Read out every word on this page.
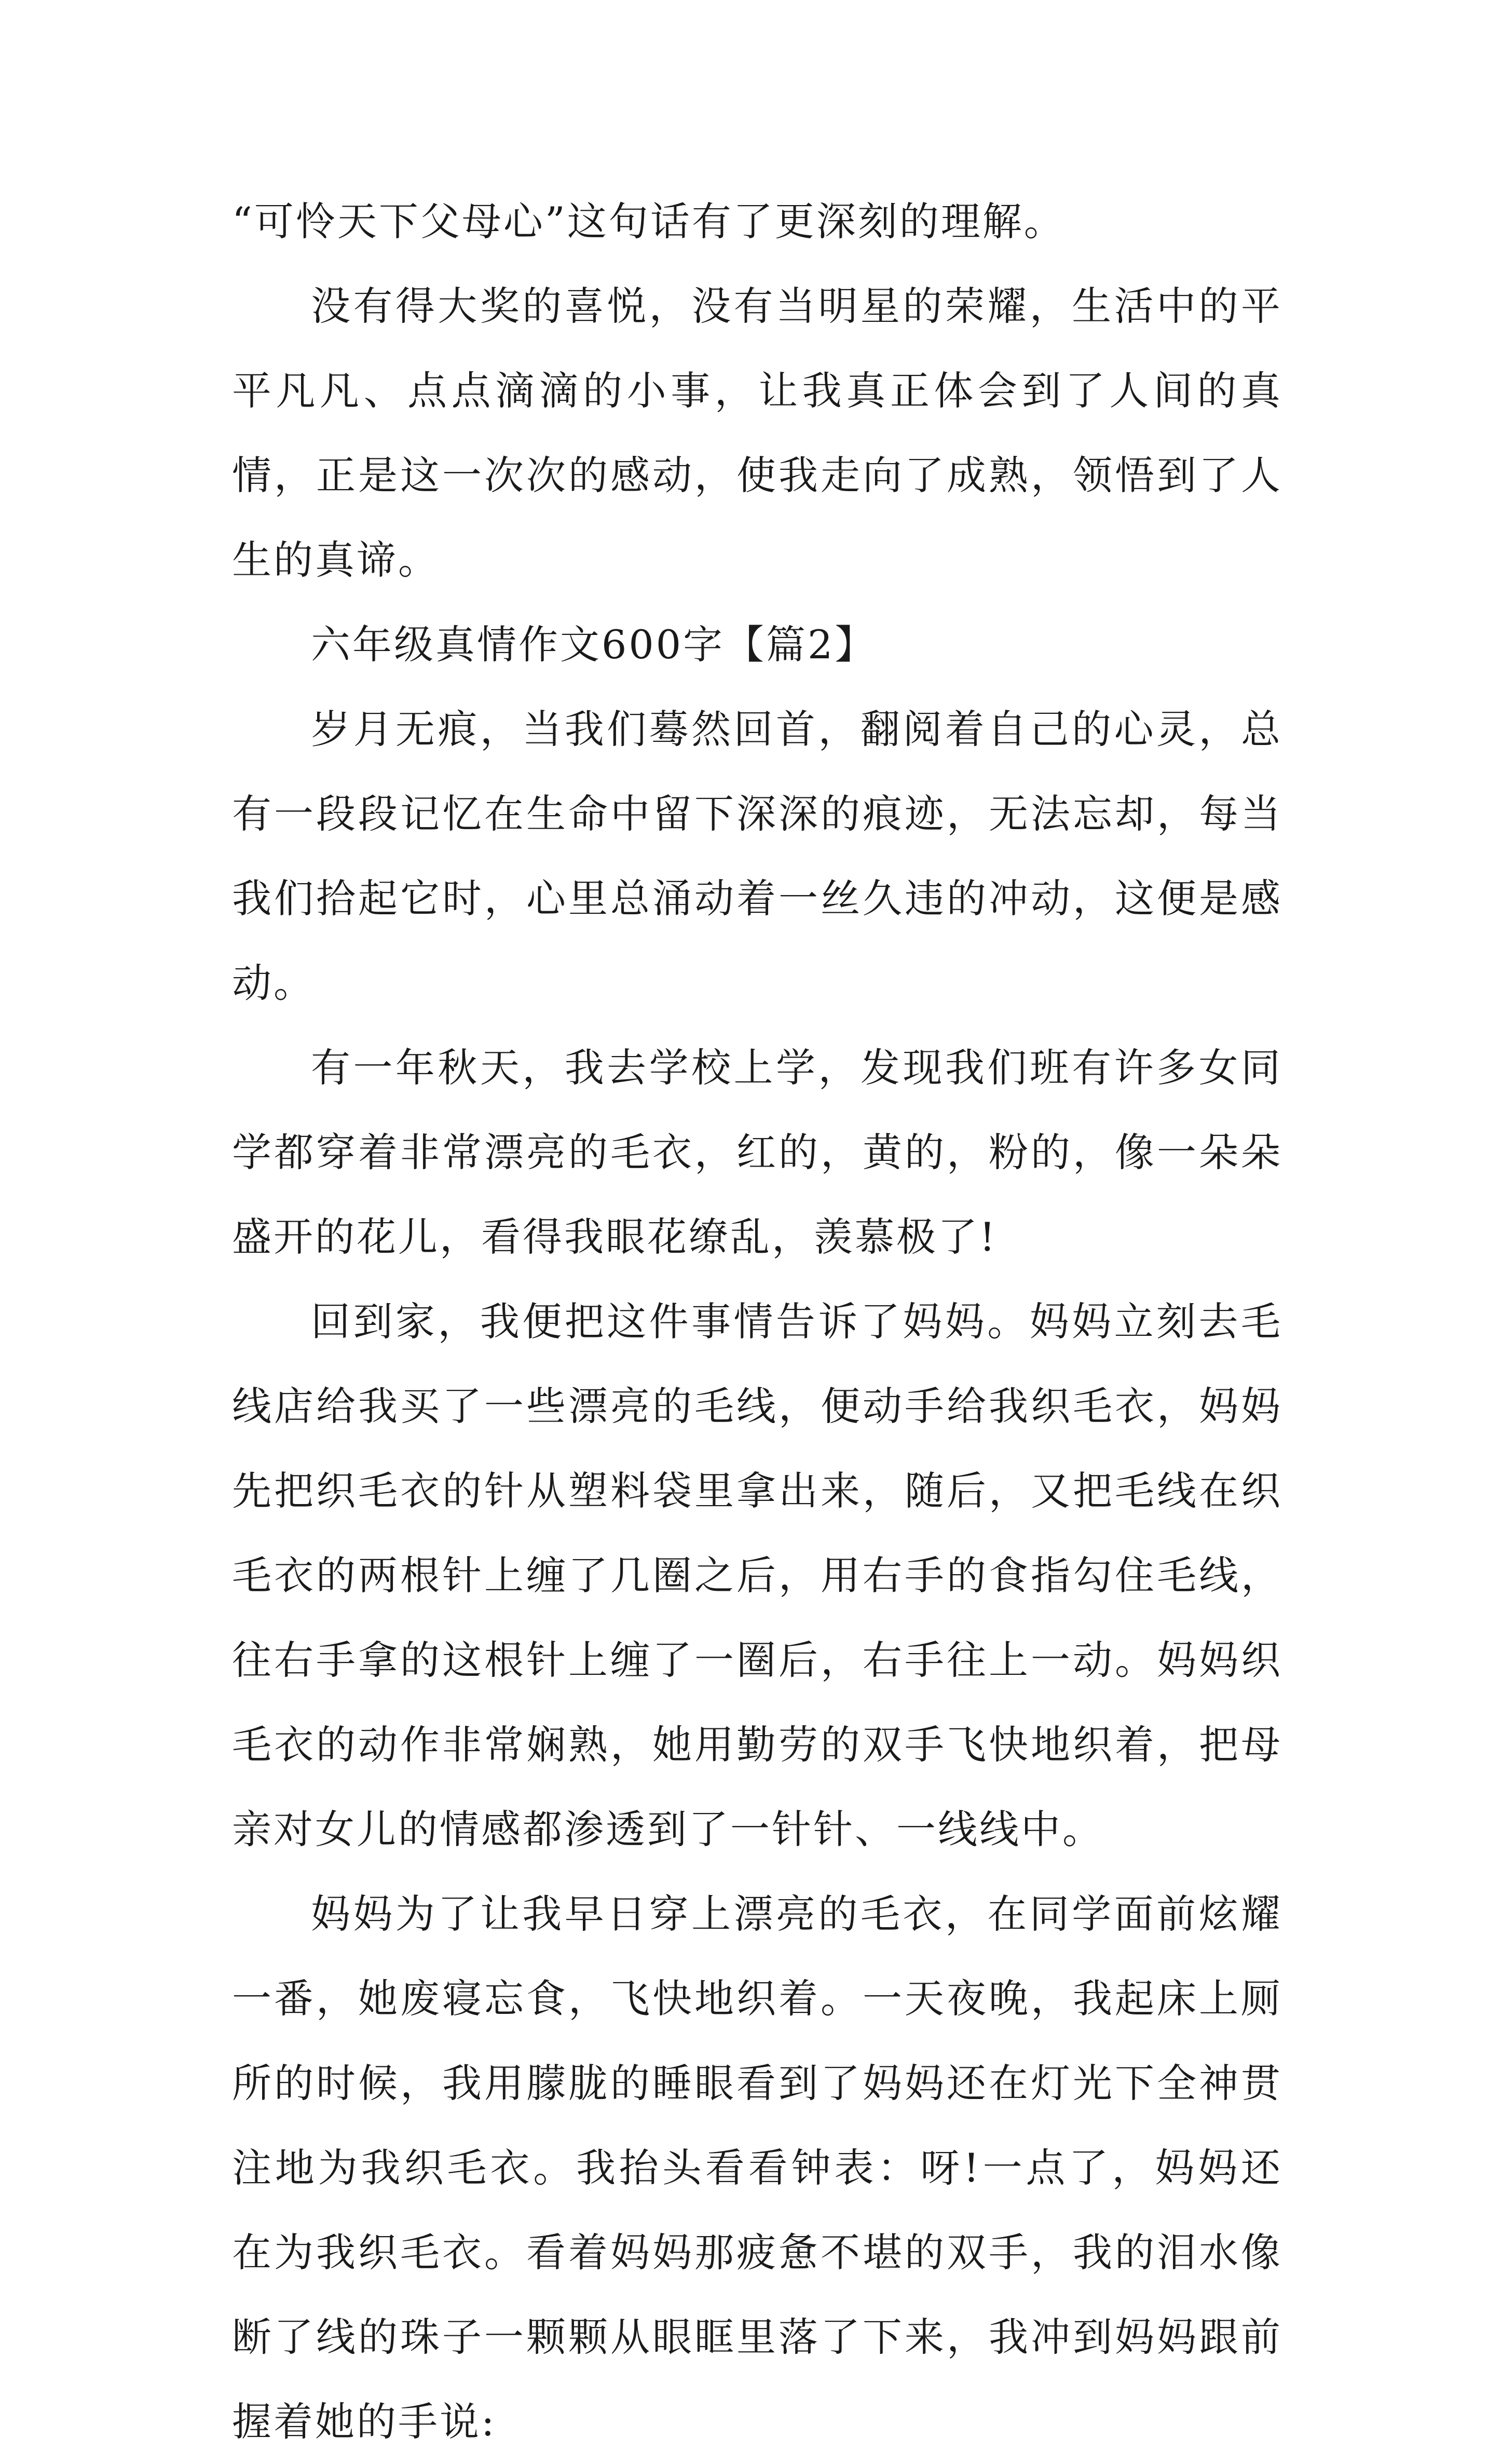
“可怜天下父母心”这句话有了更深刻的理解。

没有得大奖的喜悦，没有当明星的荣耀，生活中的平平凡凡、点点滴滴的小事，让我真正体会到了人间的真情，正是这一次次的感动，使我走向了成熟，领悟到了人生的真谛。

六年级真情作文600字【篇2】

岁月无痕，当我们蓦然回首，翻阅着自己的心灵，总有一段段记忆在生命中留下深深的痕迹，无法忘却，每当我们拾起它时，心里总涌动着一丝久违的冲动，这便是感动。

有一年秋天，我去学校上学，发现我们班有许多女同学都穿着非常漂亮的毛衣，红的，黄的，粉的，像一朵朵盛开的花儿，看得我眼花缭乱，羡慕极了!

回到家，我便把这件事情告诉了妈妈。妈妈立刻去毛线店给我买了一些漂亮的毛线，便动手给我织毛衣，妈妈先把织毛衣的针从塑料袋里拿出来，随后，又把毛线在织毛衣的两根针上缠了几圈之后，用右手的食指勾住毛线，往右手拿的这根针上缠了一圈后，右手往上一动。妈妈织毛衣的动作非常娴熟，她用勤劳的双手飞快地织着，把母亲对女儿的情感都渗透到了一针针、一线线中。

妈妈为了让我早日穿上漂亮的毛衣，在同学面前炫耀一番，她废寝忘食，飞快地织着。一天夜晚，我起床上厕所的时候，我用朦胧的睡眼看到了妈妈还在灯光下全神贯注地为我织毛衣。我抬头看看钟表：呀!一点了，妈妈还在为我织毛衣。看着妈妈那疲惫不堪的双手，我的泪水像断了线的珠子一颗颗从眼眶里落了下来，我冲到妈妈跟前握着她的手说:
